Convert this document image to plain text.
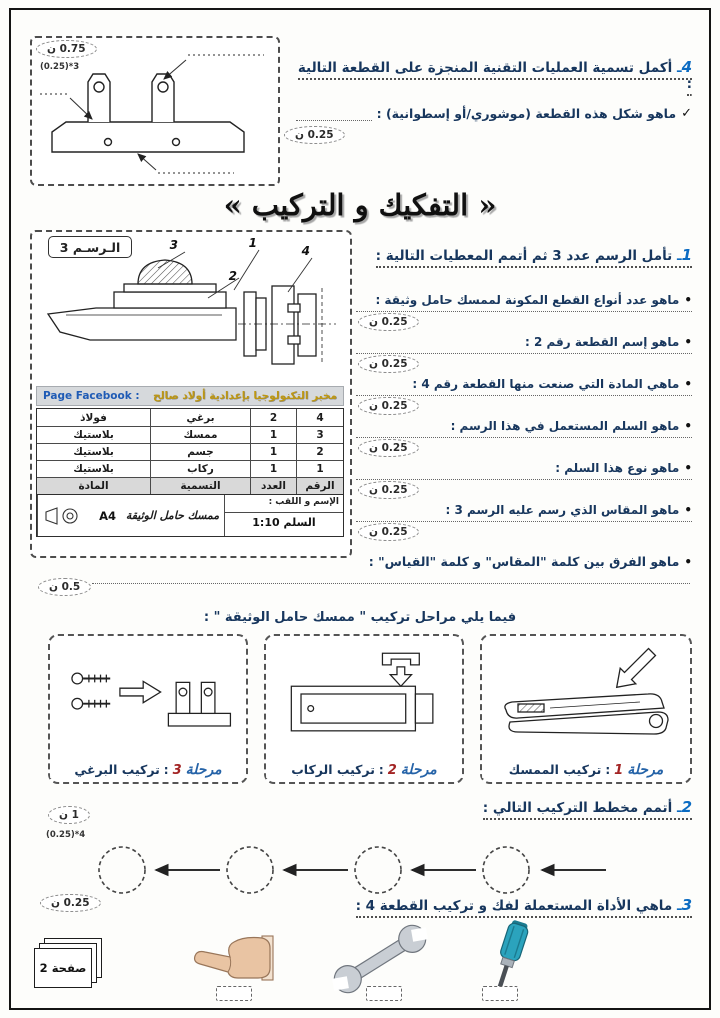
4ـ أكمل تسمية العمليات التقنية المنجزة على القطعة التالية :
0.75 ن
3*(0.25)
✓
ماهو شكل هذه القطعة (موشوري/أو إسطوانية) :
0.25 ن
« التفكيك و التركيب »
1ـ تأمل الرسم عدد 3 ثم أتمم المعطيات التالية :
الـرسـم 3	3	1
2
4
Page Facebook : مخبر التكنولوجيا بإعدادية أولاد صالح
4
2
برغي
فولاذ
3
1
ممسك
بلاستيك
2
1
جسم
بلاستيك
1
1
ركاب
بلاستيك
الرقم
العدد
التسمية
المادة
الإسم و اللقب :
السلم 1:10
ممسك حامل الوثيقة
A4
•
ماهو عدد أنواع القطع المكونة لممسك حامل وثيقة :
0.25 ن
•
ماهو إسم القطعة رقم 2 :
0.25 ن
•
ماهي المادة التي صنعت منها القطعة رقم 4 :
0.25 ن
•
ماهو السلم المستعمل في هذا الرسم :
0.25 ن
•
ماهو نوع هذا السلم :
0.25 ن
•
ماهو المقاس الذي رسم عليه الرسم 3 :
0.25 ن
•
ماهو الفرق بين كلمة "المقاس" و كلمة "القياس" :
0.5 ن
فيما يلي مراحل تركيب " ممسك حامل الوثيقة " :
مرحلة
1
:
تركيب الممسك
مرحلة
2
:
تركيب الركاب
مرحلة
3
:
تركيب البرغي
2ـ أتمم مخطط التركيب التالي :
1 ن
4*(0.25)
3ـ ماهي الأداة المستعملة لفك و تركيب القطعة 4 :
0.25 ن
صفحة 2
